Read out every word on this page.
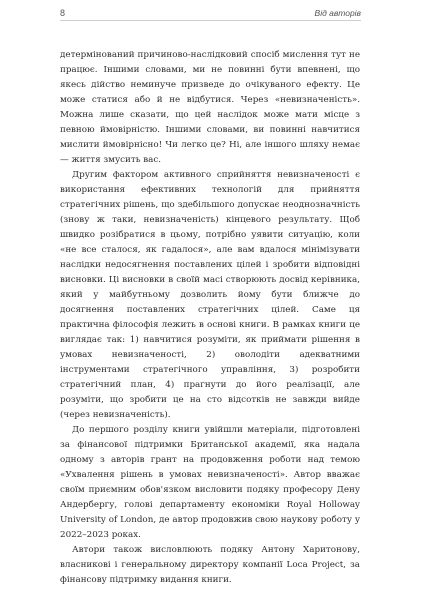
8	Від авторів

детермінований причиново-наслідковий спосіб мислення тут не працює. Іншими словами, ми не повинні бути впевнені, що якесь дійство неминуче призведе до очікуваного ефекту. Це може статися або й не відбутися. Через «невизначеність». Можна лише сказати, що цей наслідок може мати місце з певною ймовірністю. Іншими словами, ви повинні навчитися мислити ймовірнісно! Чи легко це? Ні, але іншого шляху немає — життя змусить вас.

Другим фактором активного сприйняття невизначеності є використання ефективних технологій для прийняття стратегічних рішень, що здебільшого допускає неоднозначність (знову ж таки, невизначеність) кінцевого результату. Щоб швидко розібратися в цьому, потрібно уявити ситуацію, коли «не все сталося, як гадалося», але вам вдалося мінімізувати наслідки недосягнення поставлених цілей і зробити відповідні висновки. Ці висновки в своїй масі створюють досвід керівника, який у майбутньому дозволить йому бути ближче до досягнення поставлених стратегічних цілей. Саме ця практична філософія лежить в основі книги. В рамках книги це виглядає так: 1) навчитися розуміти, як приймати рішення в умовах невизначеності, 2) оволодіти адекватними інструментами стратегічного управління, 3) розробити стратегічний план, 4) прагнути до його реалізації, але розуміти, що зробити це на сто відсотків не завжди вийде (через невизначеність).

До першого розділу книги увійшли матеріали, підготовлені за фінансової підтримки Британської академії, яка надала одному з авторів грант на продовження роботи над темою «Ухвалення рішень в умовах невизначеності». Автор вважає своїм приємним обов'язком висловити подяку професору Дену Андербергу, голові департаменту економіки Royal Holloway University of London, де автор продовжив свою наукову роботу у 2022–2023 роках.

Автори також висловлюють подяку Антону Харитонову, власникові і генеральному директору компанії Loca Project, за фінансову підтримку видання книги.
